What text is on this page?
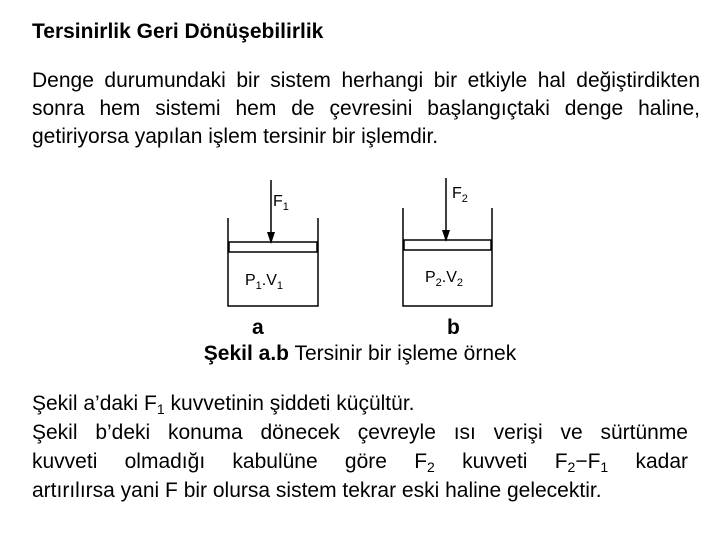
Tersinirlik Geri Dönüşebilirlik
Denge durumundaki bir sistem herhangi bir etkiyle hal değiştirdikten sonra hem sistemi hem de çevresini başlangıçtaki denge haline, getiriyorsa yapılan işlem tersinir bir işlemdir.
$F_1$
$P_1.V_1$
$F_2$
$P_2.V_2$
a	b
Şekil a.b Tersinir bir işleme örnek
Şekil a’daki $F_1$ kuvvetinin şiddeti küçültür.
Şekil b’deki konuma dönecek çevreyle ısı verişi ve sürtünme
kuvveti olmadığı kabulüne göre $F_2$ kuvveti $F_2-F_1$ kadar
artırılırsa yani F bir olursa sistem tekrar eski haline gelecektir.
